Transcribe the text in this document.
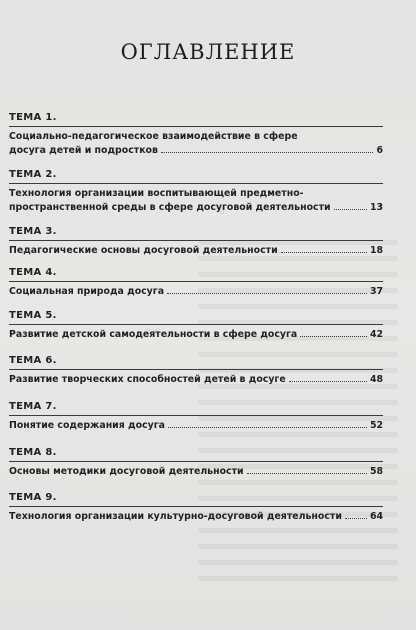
ОГЛАВЛЕНИЕ
ТЕМА 1.
Социально-педагогическое взаимодействие в сфере
досуга детей и подростков	6
ТЕМА 2.
Технология организации воспитывающей предметно-
пространственной среды в сфере досуговой деятельности	13
ТЕМА 3.
Педагогические основы досуговой деятельности	18
ТЕМА 4.
Социальная природа досуга	37
ТЕМА 5.
Развитие детской самодеятельности в сфере досуга	42
ТЕМА 6.
Развитие творческих способностей детей в досуге	48
ТЕМА 7.
Понятие содержания досуга	52
ТЕМА 8.
Основы методики досуговой деятельности	58
ТЕМА 9.
Технология организации культурно-досуговой деятельности	64
